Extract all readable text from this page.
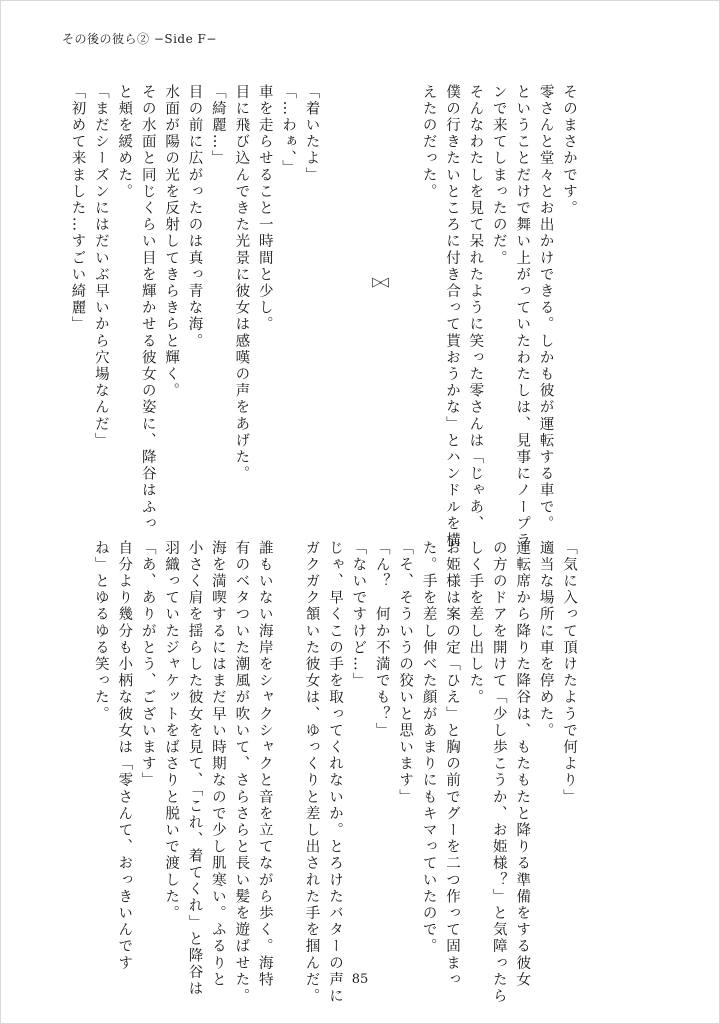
その後の彼ら② −Side F−

そのまさかです。

零さんと堂々とお出かけできる。しかも彼が運転する車で。

ということだけで舞い上がっていたわたしは、見事にノープラ

ンで来てしまったのだ。

そんなわたしを見て呆れたように笑った零さんは「じゃあ、

僕の行きたいところに付き合って貰おうかな」とハンドルを構

えたのだった。

「着いたよ」

「…わぁ、」

車を走らせること一時間と少し。

目に飛び込んできた光景に彼女は感嘆の声をあげた。

「綺麗…」

目の前に広がったのは真っ青な海。

水面が陽の光を反射してきらきらと輝く。

その水面と同じくらい目を輝かせる彼女の姿に、降谷はふっ

と頬を緩めた。

「まだシーズンにはだいぶ早いから穴場なんだ」

「初めて来ました…すごい綺麗」	▷◁

「気に入って頂けたようで何より」

適当な場所に車を停めた。

運転席から降りた降谷は、もたもたと降りる準備をする彼女

の方のドアを開けて「少し歩こうか、お姫様？」と気障ったら

しく手を差し出した。

お姫様は案の定「ひえ」と胸の前でグーを二つ作って固まっ

た。手を差し伸べた顔があまりにもキマっていたので。

「そ、そういうの狡いと思います」

「ん？　何か不満でも？」

「ないですけど…」

じゃ、早くこの手を取ってくれないか。とろけたバターの声に

ガクガク頷いた彼女は、ゆっくりと差し出された手を掴んだ。

誰もいない海岸をシャクシャクと音を立てながら歩く。海特

有のベタついた潮風が吹いて、さらさらと長い髪を遊ばせた。

海を満喫するにはまだ早い時期なので少し肌寒い。ふるりと

小さく肩を揺らした彼女を見て、「これ、着てくれ」と降谷は

羽織っていたジャケットをばさりと脱いで渡した。

「あ、ありがとう、ございます」

自分より幾分も小柄な彼女は「零さんて、おっきいんです

ね」とゆるゆる笑った。

85
